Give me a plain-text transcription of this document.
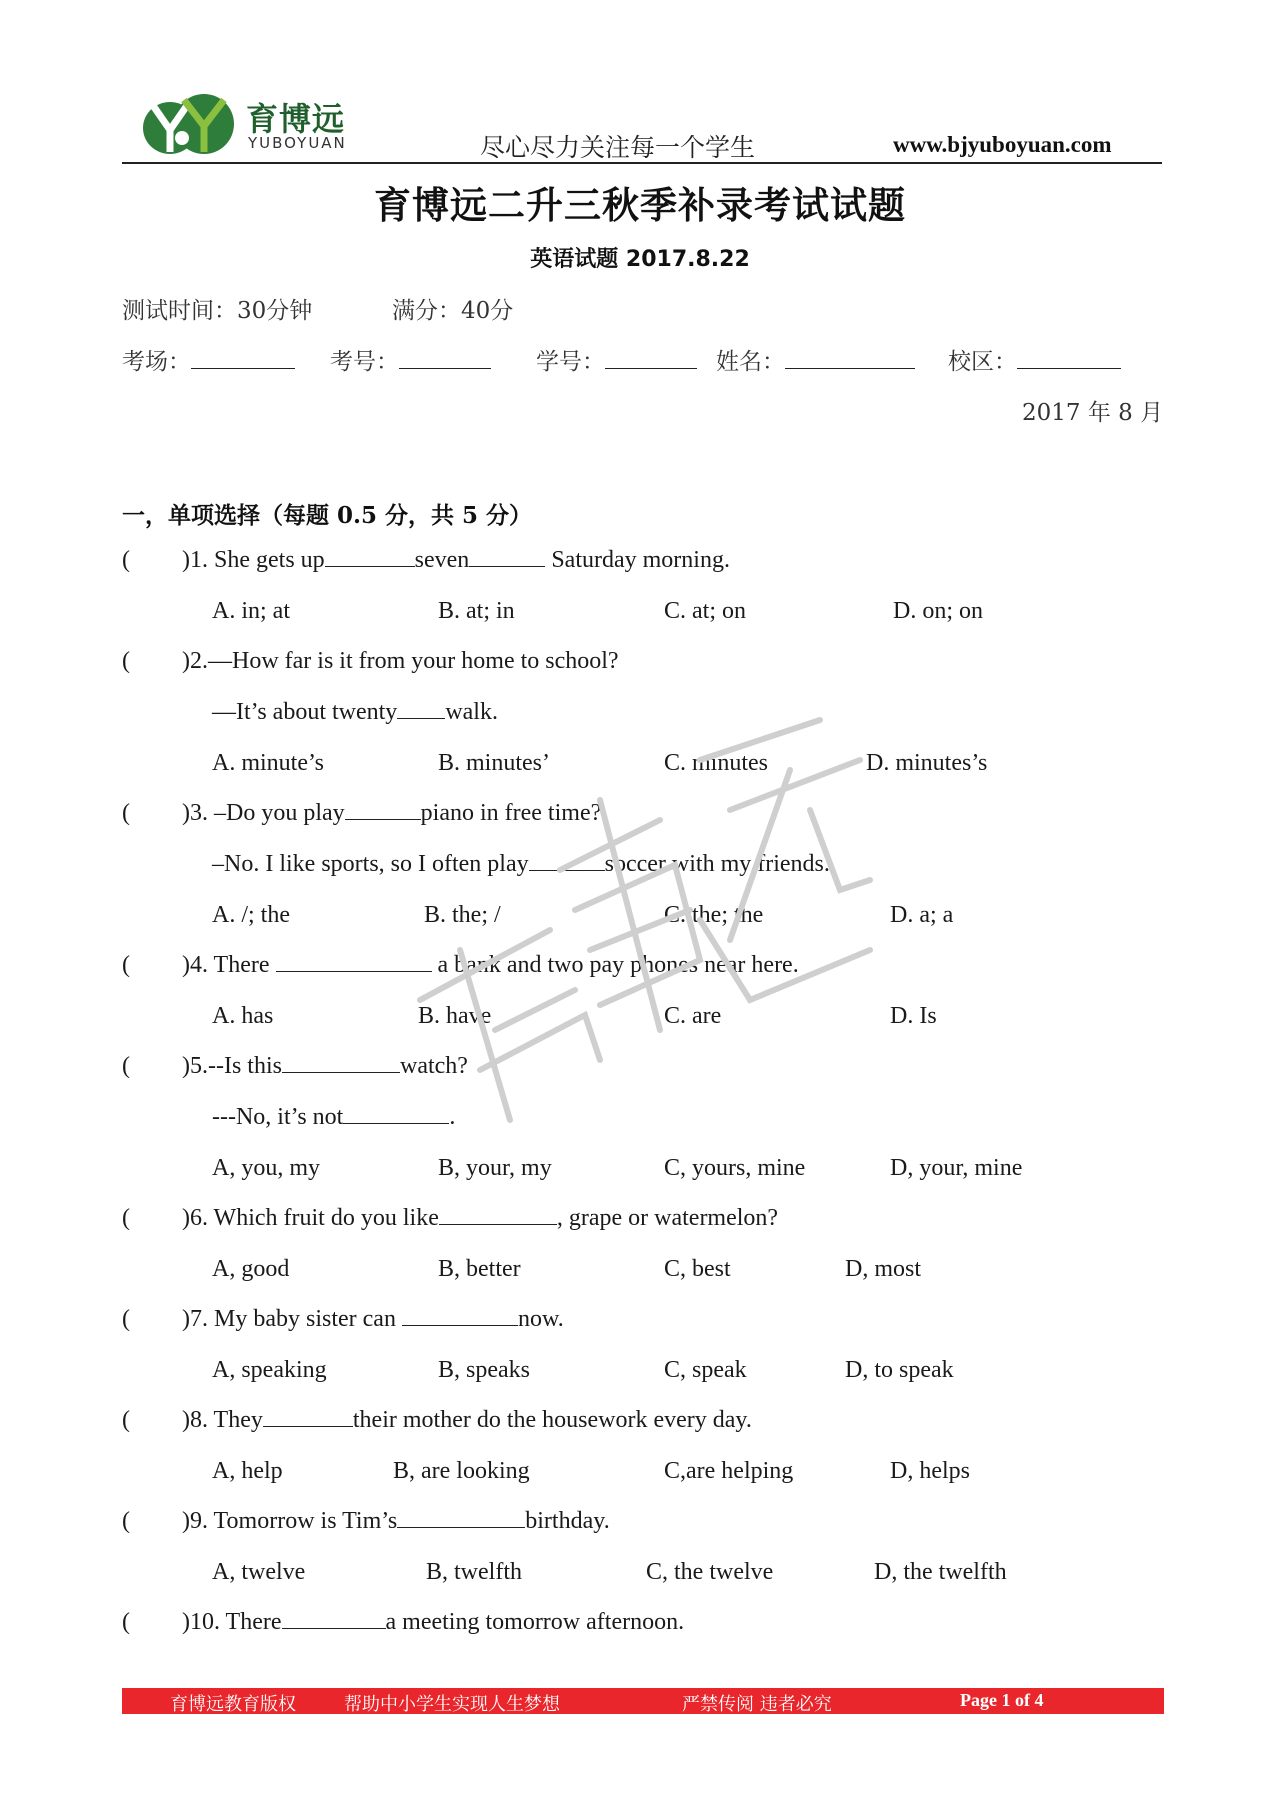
育博远
YUBOYUAN	尽心尽力关注每一个学生	www.bjyuboyuan.com
育博远二升三秋季补录考试试题
英语试题 2017.8.22
测试时间：30分钟	满分：40分
考场：	考号：	学号：	姓名：	校区：
2017 年 8 月
一，单项选择（每题 0.5 分，共 5 分）
( )1. She gets up	seven	Saturday morning.
A. in; at	B. at; in	C. at; on	D. on; on
( )2.—How far is it from your home to school?
—It’s about twenty walk.
A. minute’s	B. minutes’	C. minutes	D. minutes’s
( )3. –Do you play	piano in free time?
–No. I like sports, so I often play	soccer with my friends.
A. /; the	B. the; /	C. the; the	D. a; a
( )4. There	a bank and two pay phones near here.
A. has	B. have	C. are	D. Is
( )5.--Is this	watch?
---No, it’s not	.
A, you, my	B, your, my	C, yours, mine	D, your, mine
( )6. Which fruit do you like	, grape or watermelon?
A, good	B, better	C, best	D, most
( )7. My baby sister can	now.
A, speaking	B, speaks	C, speak	D, to speak
( )8. They	their mother do the housework every day.
A, help	B, are looking	C,are helping	D, helps
( )9. Tomorrow is Tim’s	birthday.
A, twelve	B, twelfth	C, the twelve	D, the twelfth
( )10. There	a meeting tomorrow afternoon.
育博远教育版权	帮助中小学生实现人生梦想	严禁传阅 违者必究	Page 1 of 4
